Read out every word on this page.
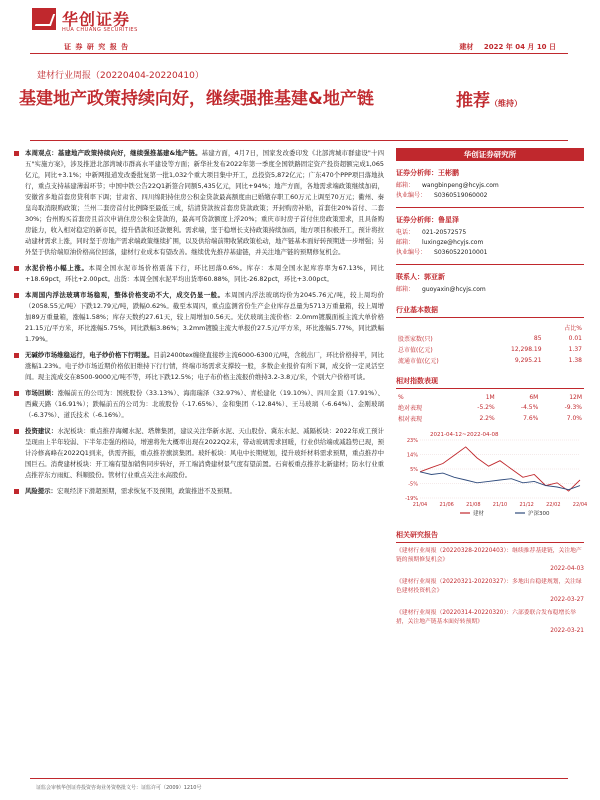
华创证券
HUA CHUANG SECURITIES
证 券 研 究 报 告	建材 2022 年 04 月 10 日
建材行业周报（20220404-20220410）
基建地产政策持续向好，继续强推基建&地产链	推荐（维持）
本周观点：基建地产政策持续向好，继续强推基建&地产链。基建方面，4月7日，国家发改委印发《北部湾城市群建设"十四五"实施方案》，涉及推进北部湾城市群高水平建设等方面；新华社发布2022年第一季度全国铁路固定资产投资超额完成1,065亿元，同比+3.1%；中新网报道发改委批复第一批1,032个重大项目集中开工，总投资5,872亿元；广东470个PPP项目落地执行，重点支持基建薄弱环节；中国中铁公告22Q1新签合同额5,435亿元，同比+94%；地产方面，各地需求端政策继续加码，安徽省多地首套房贷利率下调；甘肃省、四川绵阳持住房公积金贷款最高额度由已婚缴存职工60万元上调至70万元；衢州、秦皇岛取消限购政策；兰州二套房首付比例降至最低三成，结清贷款按首套房贷款政策；开封购房补贴，首套住20%首付、二套30%；台州购买首套房且首次申请住房公积金贷款的，最高可贷款额度上浮20%；重庆市时房子首付住房政策需求，且具备购房能力，收入相对稳定的新市民，提升借款和还款便利。需求端，坚于稳增长支持政策持续加码，地方项目积极开工，预计将拉动建材需求上涨，同时坚于房地产需求端政策继续扩围，以及供给端前期收紧政策松动，地产链基本面好转预期进一步增强；另外坚于供给端原油价格高位回落，建材行业成本有望改善。继续优先推荐基建链，并关注地产链的预期修复机会。
水泥价格小幅上涨。本周全国水泥市场价格震荡下行，环比回落0.6%。库存：本周全国水泥库容率为67.13%，同比+18.69pct，环比+2.00pct。出货：本周全国水泥平均出货率60.88%，同比-26.82pct，环比+3.00pct。
本周国内浮法玻璃市场稳观，整体价格变动不大，成交仍显一般。本周国内浮法玻璃均价为2045.76元/吨，较上周均价（2058.55元/吨）下跌12.79元/吨，跌幅0.62%。截至本周四，重点监测省份生产企业库存总量为5713万重量箱，较上周增加89万重量箱，涨幅1.58%；库存天数约27.61天，较上周增加0.56天。光伏玻璃主流价格：2.0mm镀膜面板主流大单价格21.15元/平方米，环比涨幅5.75%，同比跌幅3.86%；3.2mm镀膜主流大单报价27.5元/平方米，环比涨幅5.77%，同比跌幅1.79%。
无碱纱市场维稳运行，电子纱价格下行明显。目前2400tex缠绕直接纱主流6000-6300元/吨，含税出厂，环比价格持平，同比涨幅1.23%。电子纱市场近期价格依旧维持下行行情，终端市场需求支撑较一般，多数企业报价有所下调，成交价一定灵活空间。现主流成交在8500-9000元/吨不等，环比下跌12.5%；电子布价格主流报价维持3.2-3.8元/米，个别大户价格可谈。
市场回顾：涨幅前五的公司为：国统股份（33.13%）、海南瑞泽（32.97%）、青松建化（19.10%）、四川金顶（17.91%）、西藏天路（16.91%）；跌幅前五的公司为：北玻股份（-17.65%）、金和集团（-12.84%）、王马玻璃（-6.64%）、金刚玻璃（-6.37%）、道氏技术（-6.16%）。
投资建议：水泥板块：重点推荐海螺水泥、塔牌集团，建议关注华新水泥、天山股份、冀东水泥、减隔板块：2022年成工预计呈现由上半年较弱、下半年走强的格局，增速将先大概率出现在2022Q2末，带动玻璃需求回暖，行业供给端或减趋势已现，预计冷修高峰在2022Q1到来，供需齐振，重点推荐旗滨集团。玻纤板块：风电中长期规划，提升玻纤材料需求预期，重点推荐中国巨石。消费建材板块：开工端有望加销售同步转好，开工端消费建材景气度有望前置。石膏板重点推荐北新建材；防水行业重点推荐东方雨虹、科顺股份。管材行业重点关注永高股份。
风险提示：宏观经济下滑超预期，需求恢复不及预期，政策推进不及预期。
华创证券研究所
证券分析师：王彬鹏
邮箱： wangbinpeng@hcyjs.com
执业编号： S0360519060002
证券分析师：鲁星泽
电话： 021-20572575
邮箱： luxingze@hcyjs.com
执业编号： S0360522010001
联系人：郭亚新
邮箱： guoyaxin@hcyjs.com
行业基本数据
		占比%
股票家数(只)	85	0.01
总市值(亿元)	12,298.19	1.37
流通市值(亿元)	9,295.21	1.38
相对指数表现
%	1M	6M	12M
绝对表现	-5.2%	-4.5%	-9.3%
相对表现	2.2%	7.6%	7.0%
2021-04-12~2022-04-08
23%
14%
5%
-5%
-19%
21/04 21/06 21/08 21/10 21/12 22/02 22/04
建材	沪深300
相关研究报告
《建材行业周报（20220328-20220403）：继续推荐基建链，关注地产链的预期修复机会》
2022-04-03
《建材行业周报（20220321-20220327）：多地出台稳建规划，关注绿色建材投资机会》
2022-03-27
《建材行业周报（20220314-20220320）：六部委联合发布稳增长举措，关注地产链基本面好转预期》
2022-03-21
证监会审核华创证券投资咨询业务资格批文号：证监许可（2009）1210号
